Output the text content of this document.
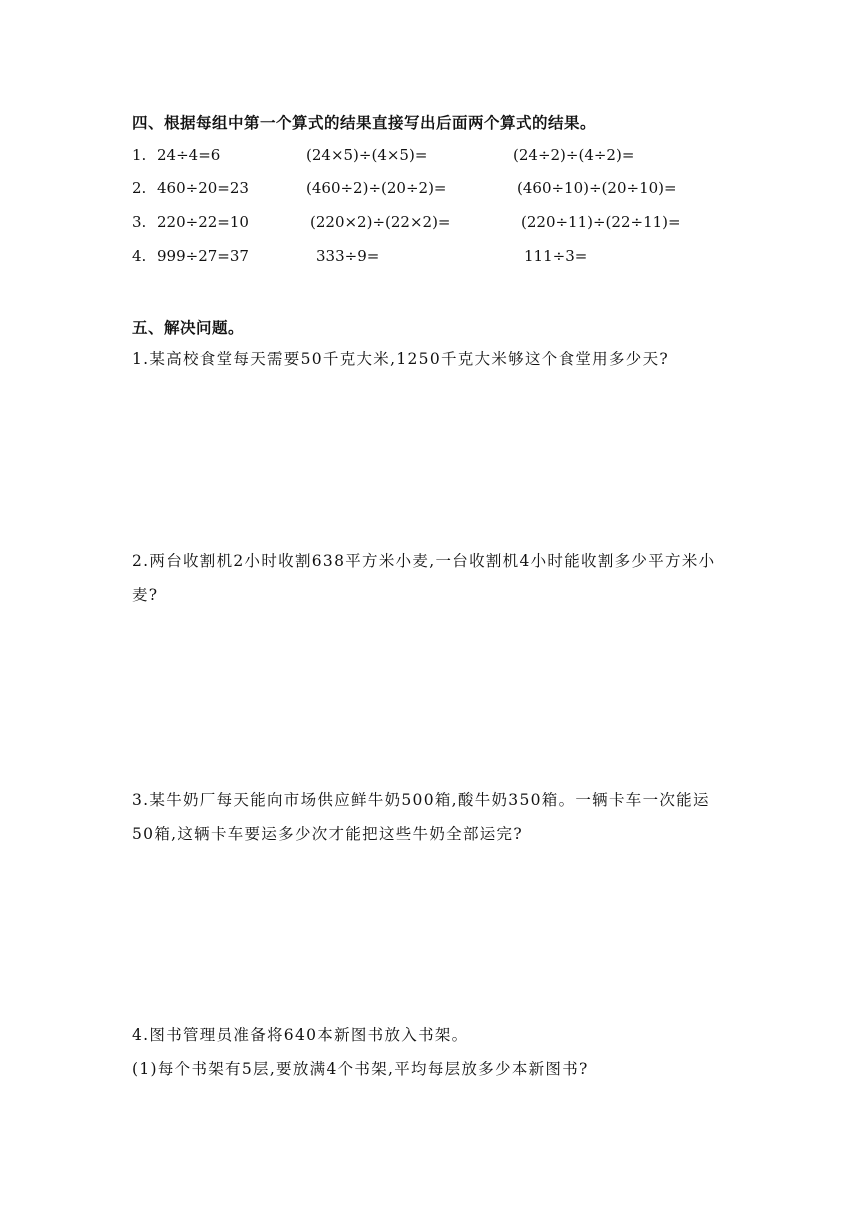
四、根据每组中第一个算式的结果直接写出后面两个算式的结果。
1. 24÷4=6	(24×5)÷(4×5)=	(24÷2)÷(4÷2)=
2. 460÷20=23	(460÷2)÷(20÷2)=	(460÷10)÷(20÷10)=
3. 220÷22=10	(220×2)÷(22×2)=	(220÷11)÷(22÷11)=
4. 999÷27=37	333÷9=	111÷3=
五、解决问题。
1.某高校食堂每天需要50千克大米,1250千克大米够这个食堂用多少天?
2.两台收割机2小时收割638平方米小麦,一台收割机4小时能收割多少平方米小麦?
3.某牛奶厂每天能向市场供应鲜牛奶500箱,酸牛奶350箱。一辆卡车一次能运50箱,这辆卡车要运多少次才能把这些牛奶全部运完?
4.图书管理员准备将640本新图书放入书架。
(1)每个书架有5层,要放满4个书架,平均每层放多少本新图书?
